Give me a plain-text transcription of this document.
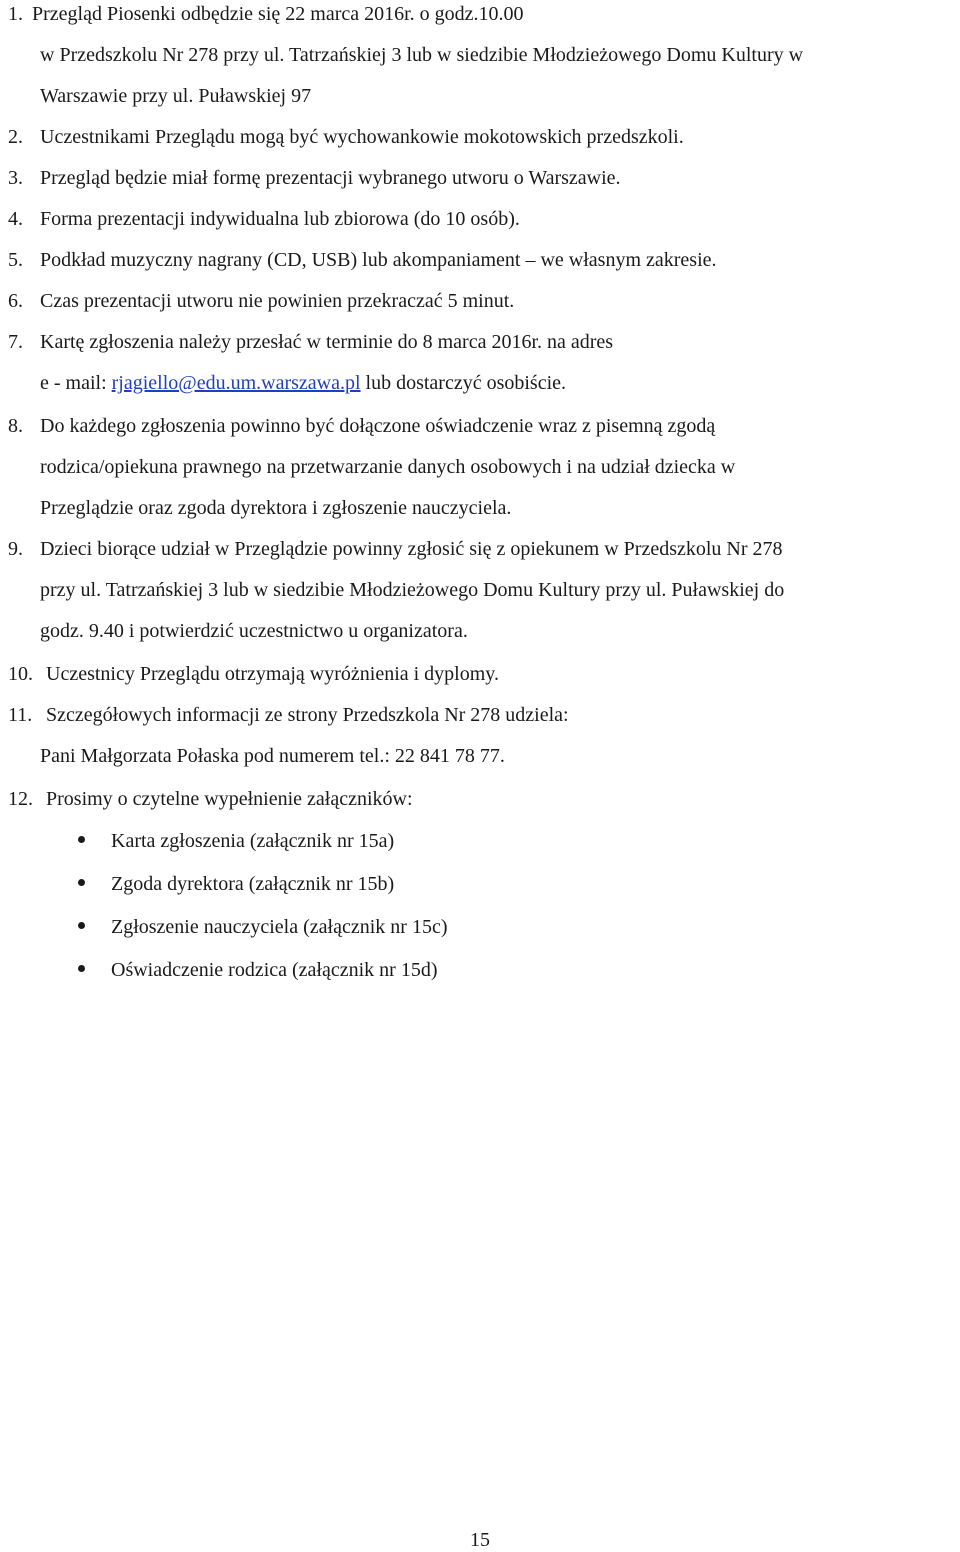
1. Przegląd Piosenki odbędzie się 22 marca 2016r. o godz.10.00
w Przedszkolu Nr 278 przy ul. Tatrzańskiej 3 lub w siedzibie Młodzieżowego Domu Kultury w
Warszawie przy ul. Puławskiej 97
2. Uczestnikami Przeglądu mogą być wychowankowie mokotowskich przedszkoli.
3. Przegląd będzie miał formę prezentacji wybranego utworu o Warszawie.
4. Forma prezentacji indywidualna lub zbiorowa (do 10 osób).
5. Podkład muzyczny nagrany (CD, USB) lub akompaniament – we własnym zakresie.
6. Czas prezentacji utworu nie powinien przekraczać 5 minut.
7. Kartę zgłoszenia należy przesłać w terminie do 8 marca 2016r. na adres
e - mail: rjagiello@edu.um.warszawa.pl lub dostarczyć osobiście.
8. Do każdego zgłoszenia powinno być dołączone oświadczenie wraz z pisemną zgodą
rodzica/opiekuna prawnego na przetwarzanie danych osobowych i na udział dziecka w
Przeglądzie oraz zgoda dyrektora i zgłoszenie nauczyciela.
9. Dzieci biorące udział w Przeglądzie powinny zgłosić się z opiekunem w Przedszkolu Nr 278
przy ul. Tatrzańskiej 3 lub w siedzibie Młodzieżowego Domu Kultury przy ul. Puławskiej do
godz. 9.40 i potwierdzić uczestnictwo u organizatora.
10. Uczestnicy Przeglądu otrzymają wyróżnienia i dyplomy.
11. Szczegółowych informacji ze strony Przedszkola Nr 278 udziela:
Pani Małgorzata Połaska pod numerem tel.: 22 841 78 77.
12. Prosimy o czytelne wypełnienie załączników:
Karta zgłoszenia (załącznik nr 15a)
Zgoda dyrektora (załącznik nr 15b)
Zgłoszenie nauczyciela (załącznik nr 15c)
Oświadczenie rodzica (załącznik nr 15d)
15
